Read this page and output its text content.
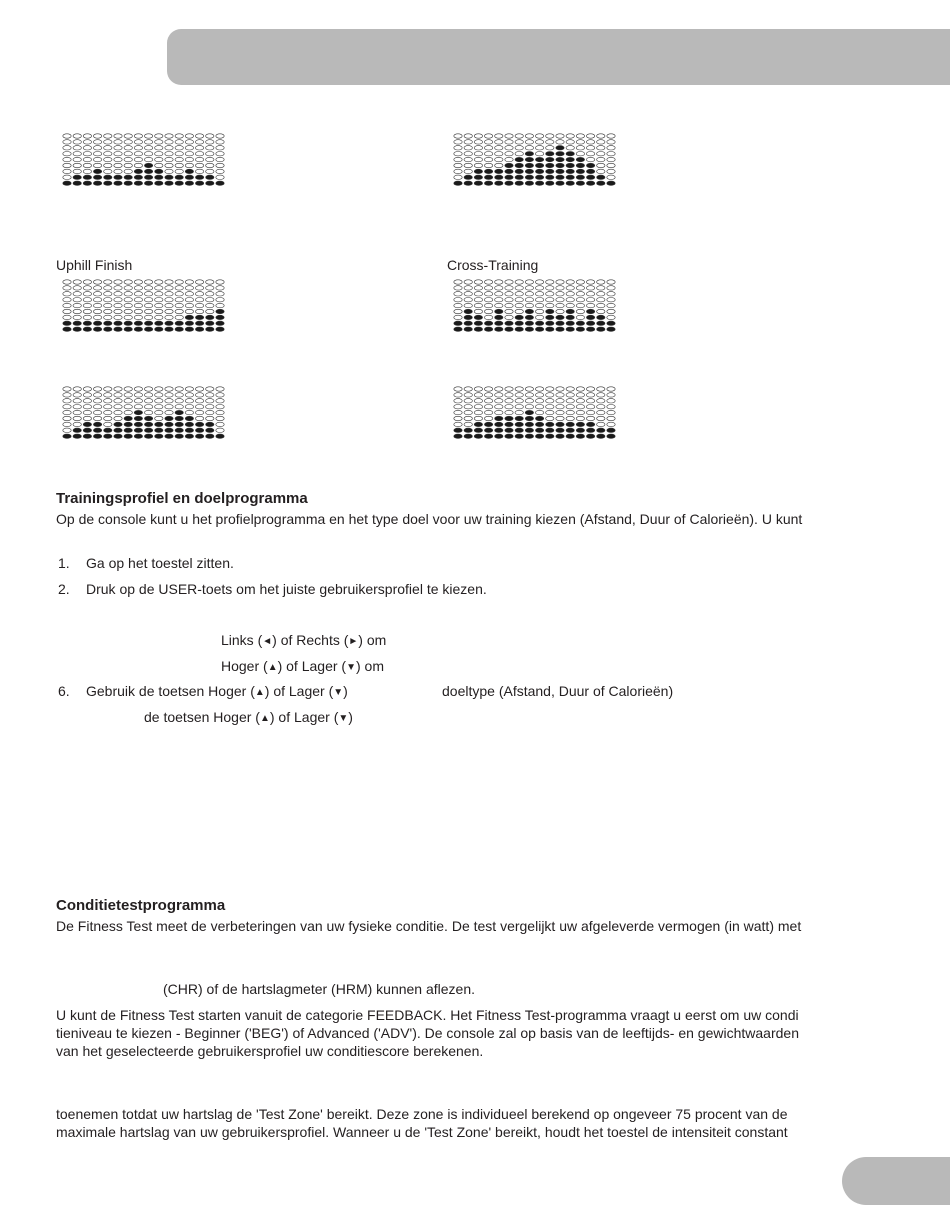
Uphill Finish	Cross-Training
Trainingsprofiel en doelprogramma
Op de console kunt u het profielprogramma en het type doel voor uw training kiezen (Afstand, Duur of Calorieën). U kunt
1. Ga op het toestel zitten.
2. Druk op de USER-toets om het juiste gebruikersprofiel te kiezen.
Links (◄) of Rechts (►) om
Hoger (▲) of Lager (▼) om
6. Gebruik de toetsen Hoger (▲) of Lager (▼)	doeltype (Afstand, Duur of Calorieën)
de toetsen Hoger (▲) of Lager (▼)
Conditietestprogramma
De Fitness Test meet de verbeteringen van uw fysieke conditie. De test vergelijkt uw afgeleverde vermogen (in watt) met
(CHR) of de hartslagmeter (HRM) kunnen aflezen.
U kunt de Fitness Test starten vanuit de categorie FEEDBACK. Het Fitness Test-programma vraagt u eerst om uw condi
tieniveau te kiezen - Beginner ('BEG') of Advanced ('ADV'). De console zal op basis van de leeftijds- en gewichtwaarden
van het geselecteerde gebruikersprofiel uw conditiescore berekenen.
toenemen totdat uw hartslag de 'Test Zone' bereikt. Deze zone is individueel berekend op ongeveer 75 procent van de
maximale hartslag van uw gebruikersprofiel. Wanneer u de 'Test Zone' bereikt, houdt het toestel de intensiteit constant
